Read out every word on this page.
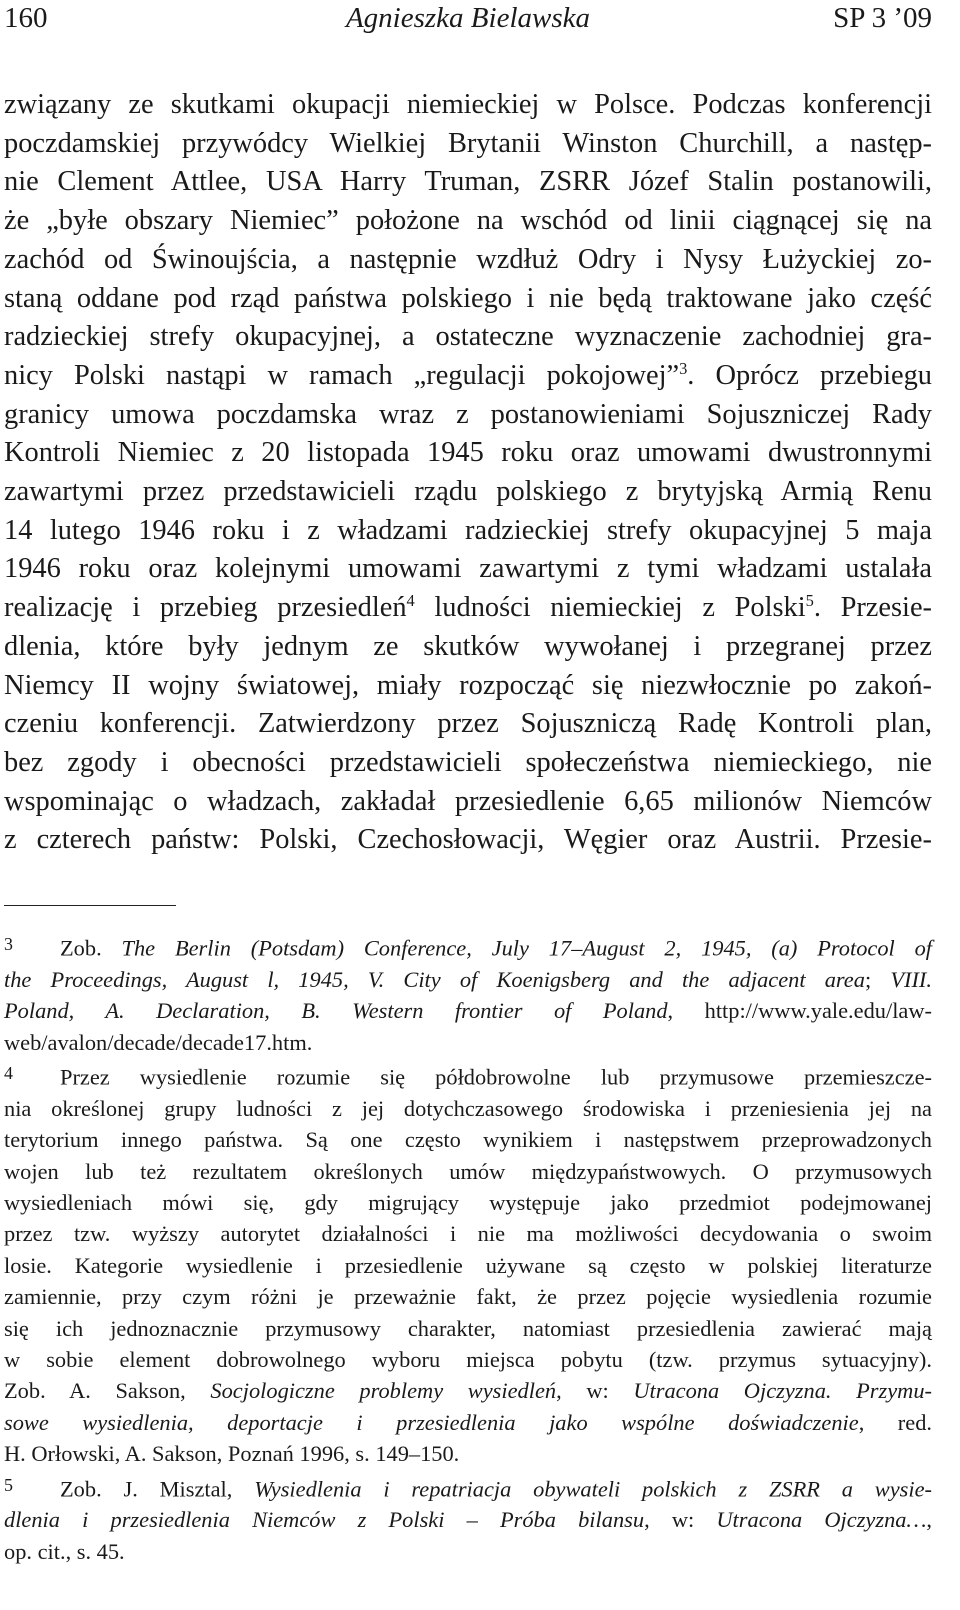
160	Agnieszka Bielawska	SP 3 ’09
związany ze skutkami okupacji niemieckiej w Polsce. Podczas konferencji
poczdamskiej przywódcy Wielkiej Brytanii Winston Churchill, a następ-
nie Clement Attlee, USA Harry Truman, ZSRR Józef Stalin postanowili,
że „byłe obszary Niemiec” położone na wschód od linii ciągnącej się na
zachód od Świnoujścia, a następnie wzdłuż Odry i Nysy Łużyckiej zo-
staną oddane pod rząd państwa polskiego i nie będą traktowane jako część
radzieckiej strefy okupacyjnej, a ostateczne wyznaczenie zachodniej gra-
nicy Polski nastąpi w ramach „regulacji pokojowej”$^3$. Oprócz przebiegu
granicy umowa poczdamska wraz z postanowieniami Sojuszniczej Rady
Kontroli Niemiec z 20 listopada 1945 roku oraz umowami dwustronnymi
zawartymi przez przedstawicieli rządu polskiego z brytyjską Armią Renu
14 lutego 1946 roku i z władzami radzieckiej strefy okupacyjnej 5 maja
1946 roku oraz kolejnymi umowami zawartymi z tymi władzami ustalała
realizację i przebieg przesiedleń$^4$ ludności niemieckiej z Polski$^5$. Przesie-
dlenia, które były jednym ze skutków wywołanej i przegranej przez
Niemcy II wojny światowej, miały rozpocząć się niezwłocznie po zakoń-
czeniu konferencji. Zatwierdzony przez Sojuszniczą Radę Kontroli plan,
bez zgody i obecności przedstawicieli społeczeństwa niemieckiego, nie
wspominając o władzach, zakładał przesiedlenie 6,65 milionów Niemców
z czterech państw: Polski, Czechosłowacji, Węgier oraz Austrii. Przesie-
3 Zob. The Berlin (Potsdam) Conference, July 17–August 2, 1945, (a) Protocol of
the Proceedings, August l, 1945, V. City of Koenigsberg and the adjacent area; VIII.
Poland, A. Declaration, B. Western frontier of Poland, http://www.yale.edu/law-
web/avalon/decade/decade17.htm.
4 Przez wysiedlenie rozumie się półdobrowolne lub przymusowe przemieszcze-
nia określonej grupy ludności z jej dotychczasowego środowiska i przeniesienia jej na
terytorium innego państwa. Są one często wynikiem i następstwem przeprowadzonych
wojen lub też rezultatem określonych umów międzypaństwowych. O przymusowych
wysiedleniach mówi się, gdy migrujący występuje jako przedmiot podejmowanej
przez tzw. wyższy autorytet działalności i nie ma możliwości decydowania o swoim
losie. Kategorie wysiedlenie i przesiedlenie używane są często w polskiej literaturze
zamiennie, przy czym różni je przeważnie fakt, że przez pojęcie wysiedlenia rozumie
się ich jednoznacznie przymusowy charakter, natomiast przesiedlenia zawierać mają
w sobie element dobrowolnego wyboru miejsca pobytu (tzw. przymus sytuacyjny).
Zob. A. Sakson, Socjologiczne problemy wysiedleń, w: Utracona Ojczyzna. Przymu-
sowe wysiedlenia, deportacje i przesiedlenia jako wspólne doświadczenie, red.
H. Orłowski, A. Sakson, Poznań 1996, s. 149–150.
5 Zob. J. Misztal, Wysiedlenia i repatriacja obywateli polskich z ZSRR a wysie-
dlenia i przesiedlenia Niemców z Polski – Próba bilansu, w: Utracona Ojczyzna…,
op. cit., s. 45.
